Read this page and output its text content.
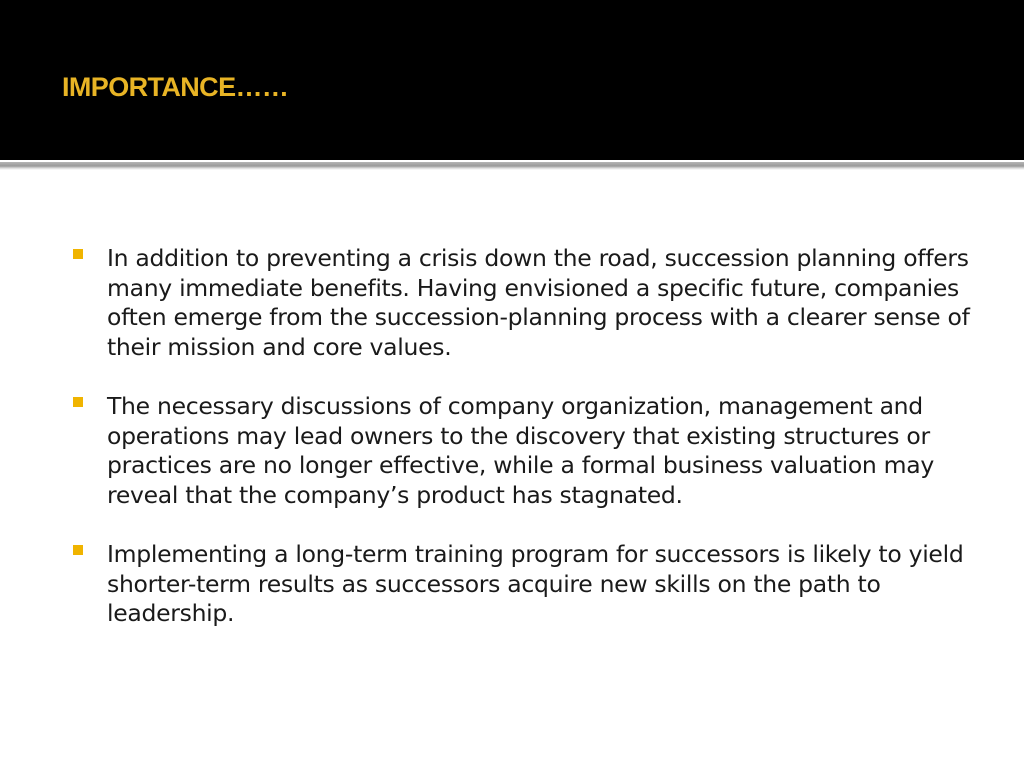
IMPORTANCE……
In addition to preventing a crisis down the road, succession planning offers many immediate benefits. Having envisioned a specific future, companies often emerge from the succession-planning process with a clearer sense of their mission and core values.
The necessary discussions of company organization, management and operations may lead owners to the discovery that existing structures or practices are no longer effective, while a formal business valuation may reveal that the company’s product has stagnated.
Implementing a long-term training program for successors is likely to yield shorter-term results as successors acquire new skills on the path to leadership.
